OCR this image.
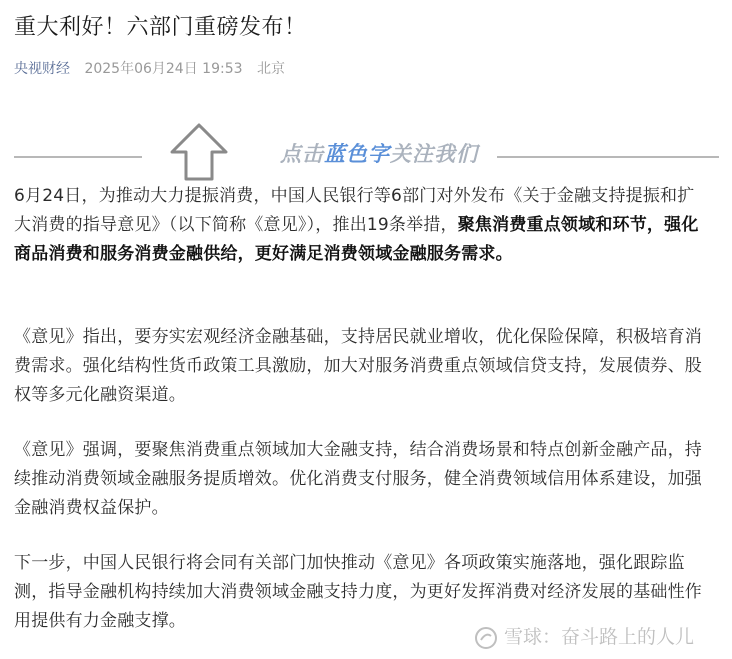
重大利好！六部门重磅发布！
央视财经 2025年06月24日 19:53 北京
点击蓝色字关注我们

6月24日，为推动大力提振消费，中国人民银行等6部门对外发布《关于金融支持提振和扩大消费的指导意见》（以下简称《意见》），推出19条举措，聚焦消费重点领域和环节，强化商品消费和服务消费金融供给，更好满足消费领域金融服务需求。

《意见》指出，要夯实宏观经济金融基础，支持居民就业增收，优化保险保障，积极培育消费需求。强化结构性货币政策工具激励，加大对服务消费重点领域信贷支持，发展债券、股权等多元化融资渠道。

《意见》强调，要聚焦消费重点领域加大金融支持，结合消费场景和特点创新金融产品，持续推动消费领域金融服务提质增效。优化消费支付服务，健全消费领域信用体系建设，加强金融消费权益保护。

下一步，中国人民银行将会同有关部门加快推动《意见》各项政策实施落地，强化跟踪监测，指导金融机构持续加大消费领域金融支持力度，为更好发挥消费对经济发展的基础性作用提供有力金融支撑。

雪球：奋斗路上的人儿
